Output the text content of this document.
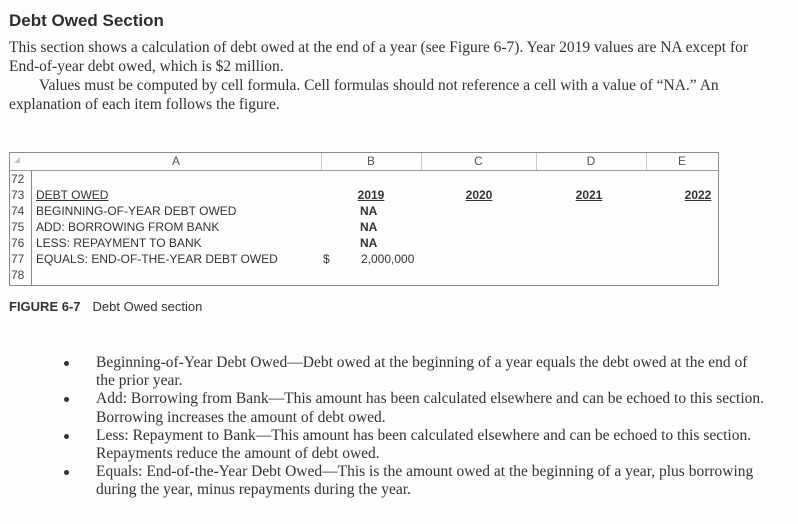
Debt Owed Section

This section shows a calculation of debt owed at the end of a year (see Figure 6-7). Year 2019 values are NA except for End-of-year debt owed, which is $2 million.

Values must be computed by cell formula. Cell formulas should not reference a cell with a value of “NA.” An explanation of each item follows the figure.

A	B	C	D	E
72
73 DEBT OWED	2019	2020	2021	2022
74 BEGINNING-OF-YEAR DEBT OWED	NA
75 ADD: BORROWING FROM BANK	NA
76 LESS: REPAYMENT TO BANK	NA
77 EQUALS: END-OF-THE-YEAR DEBT OWED	$	2,000,000
78
FIGURE 6-7 Debt Owed section
Beginning-of-Year Debt Owed—Debt owed at the beginning of a year equals the debt owed at the end of the prior year.
Add: Borrowing from Bank—This amount has been calculated elsewhere and can be echoed to this section. Borrowing increases the amount of debt owed.
Less: Repayment to Bank—This amount has been calculated elsewhere and can be echoed to this section. Repayments reduce the amount of debt owed.
Equals: End-of-the-Year Debt Owed—This is the amount owed at the beginning of a year, plus borrowing during the year, minus repayments during the year.
